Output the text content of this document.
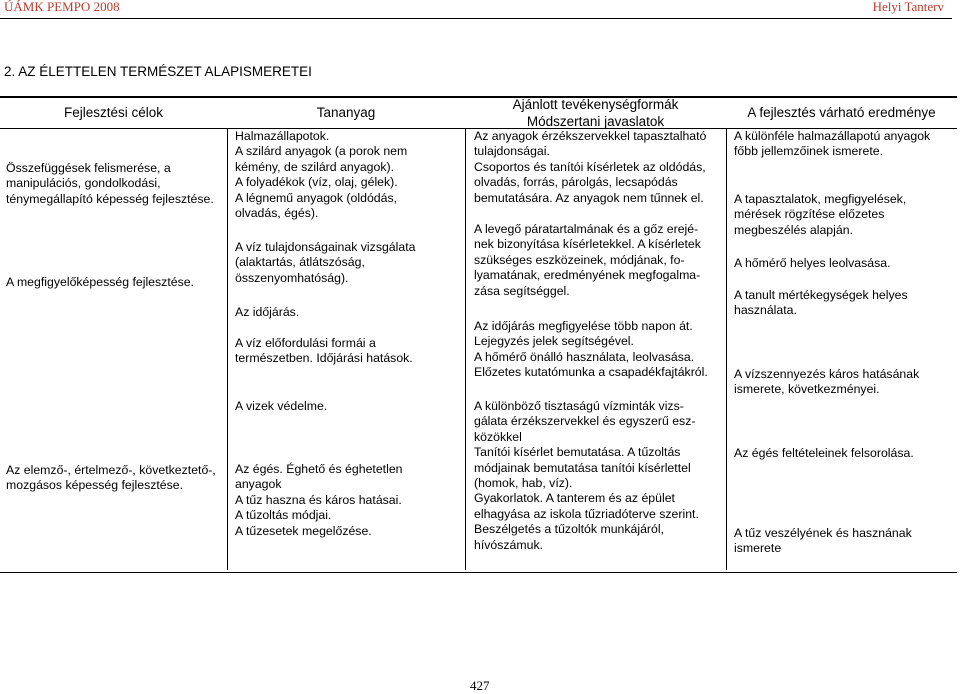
ÚÁMK PEMPO 2008	Helyi Tanterv
2. AZ ÉLETTELEN TERMÉSZET ALAPISMERETEI
Fejlesztési célok	Tananyag
Ajánlott tevékenységformák
Módszertani javaslatok
A fejlesztés várható eredménye
Összefüggések felismerése, a
manipulációs, gondolkodási,
ténymegállapító képesség fejlesztése.
A megfigyelőképesség fejlesztése.
Az elemző-, értelmező-, következtető-,
mozgásos képesség fejlesztése.
Halmazállapotok.
A szilárd anyagok (a porok nem
kémény, de szilárd anyagok).
A folyadékok (víz, olaj, gélek).
A légnemű anyagok (oldódás,
olvadás, égés).
A víz tulajdonságainak vizsgálata
(alaktartás, átlátszóság,
összenyomhatóság).
Az időjárás.
A víz előfordulási formái a
természetben. Időjárási hatások.
A vizek védelme.
Az égés. Éghető és éghetetlen
anyagok
A tűz haszna és káros hatásai.
A tűzoltás módjai.
A tűzesetek megelőzése.
Az anyagok érzékszervekkel tapasztalható
tulajdonságai.
Csoportos és tanítói kísérletek az oldódás,
olvadás, forrás, párolgás, lecsapódás
bemutatására. Az anyagok nem tűnnek el.
A levegő páratartalmának és a gőz erejé-
nek bizonyítása kísérletekkel. A kísérletek
szükséges eszközeinek, módjának, fo-
lyamatának, eredményének megfogalma-
zása segítséggel.
Az időjárás megfigyelése több napon át.
Lejegyzés jelek segítségével.
A hőmérő önálló használata, leolvasása.
Előzetes kutatómunka a csapadékfajtákról.
A különböző tisztaságú vízminták vizs-
gálata érzékszervekkel és egyszerű esz-
közökkel
Tanítói kísérlet bemutatása. A tűzoltás
módjainak bemutatása tanítói kísérlettel
(homok, hab, víz).
Gyakorlatok. A tanterem és az épület
elhagyása az iskola tűzriadóterve szerint.
Beszélgetés a tűzoltók munkájáról,
hívószámuk.
A különféle halmazállapotú anyagok
főbb jellemzőinek ismerete.
A tapasztalatok, megfigyelések,
mérések rögzítése előzetes
megbeszélés alapján.
A hőmérő helyes leolvasása.
A tanult mértékegységek helyes
használata.
A vízszennyezés káros hatásának
ismerete, következményei.
Az égés feltételeinek felsorolása.
A tűz veszélyének és hasznának
ismerete
427
